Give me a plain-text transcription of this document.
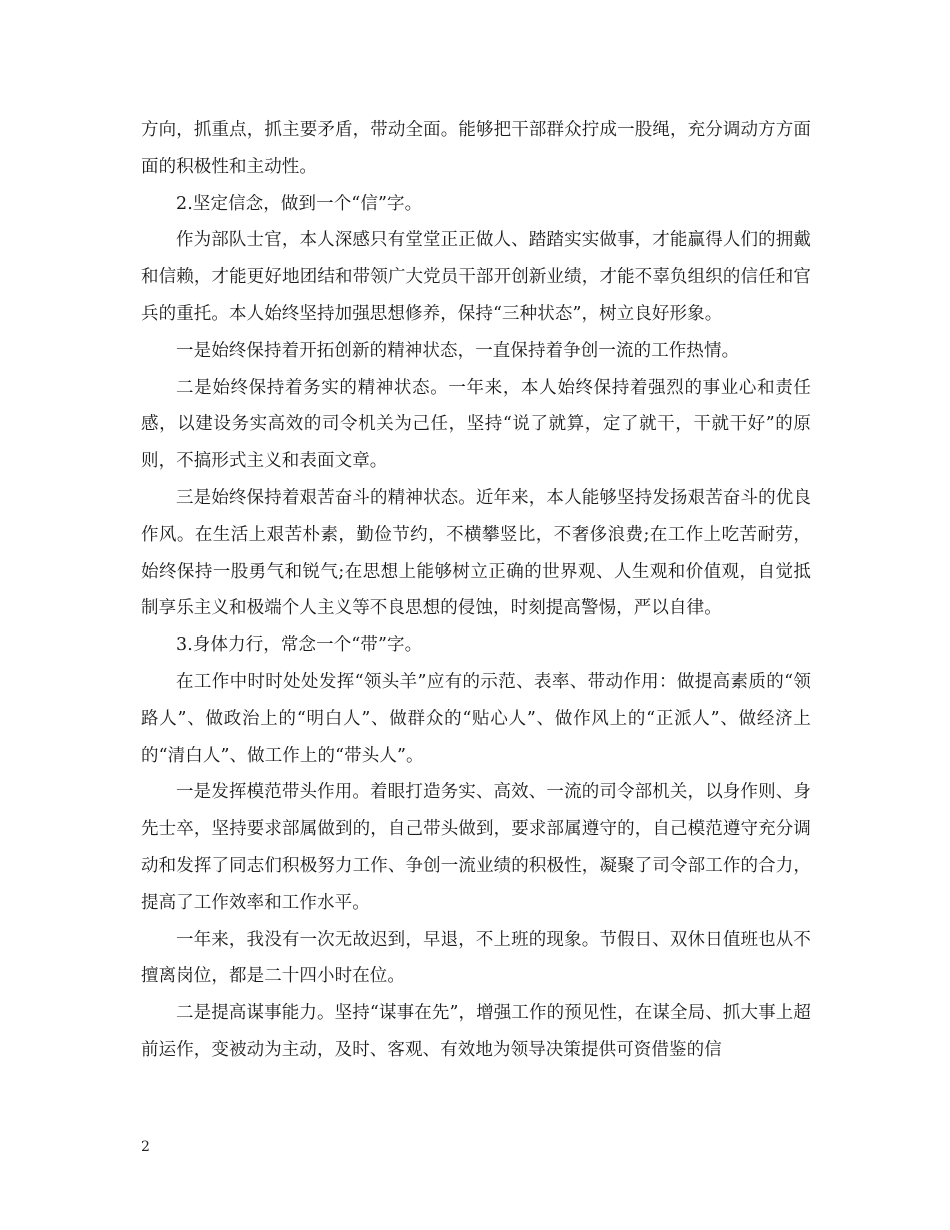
方向，抓重点，抓主要矛盾，带动全面。能够把干部群众拧成一股绳，充分调动方方面面的积极性和主动性。

2.坚定信念，做到一个“信”字。

作为部队士官，本人深感只有堂堂正正做人、踏踏实实做事，才能赢得人们的拥戴和信赖，才能更好地团结和带领广大党员干部开创新业绩，才能不辜负组织的信任和官兵的重托。本人始终坚持加强思想修养，保持“三种状态”，树立良好形象。

一是始终保持着开拓创新的精神状态，一直保持着争创一流的工作热情。

二是始终保持着务实的精神状态。一年来，本人始终保持着强烈的事业心和责任感，以建设务实高效的司令机关为己任，坚持“说了就算，定了就干，干就干好”的原则，不搞形式主义和表面文章。

三是始终保持着艰苦奋斗的精神状态。近年来，本人能够坚持发扬艰苦奋斗的优良作风。在生活上艰苦朴素，勤俭节约，不横攀竖比，不奢侈浪费;在工作上吃苦耐劳，始终保持一股勇气和锐气;在思想上能够树立正确的世界观、人生观和价值观，自觉抵制享乐主义和极端个人主义等不良思想的侵蚀，时刻提高警惕，严以自律。

3.身体力行，常念一个“带”字。

在工作中时时处处发挥“领头羊”应有的示范、表率、带动作用：做提高素质的“领路人”、做政治上的“明白人”、做群众的“贴心人”、做作风上的“正派人”、做经济上的“清白人”、做工作上的“带头人”。

一是发挥模范带头作用。着眼打造务实、高效、一流的司令部机关，以身作则、身先士卒，坚持要求部属做到的，自己带头做到，要求部属遵守的，自己模范遵守充分调动和发挥了同志们积极努力工作、争创一流业绩的积极性，凝聚了司令部工作的合力，提高了工作效率和工作水平。

一年来，我没有一次无故迟到，早退，不上班的现象。节假日、双休日值班也从不擅离岗位，都是二十四小时在位。

二是提高谋事能力。坚持“谋事在先”，增强工作的预见性，在谋全局、抓大事上超前运作，变被动为主动，及时、客观、有效地为领导决策提供可资借鉴的信

2
